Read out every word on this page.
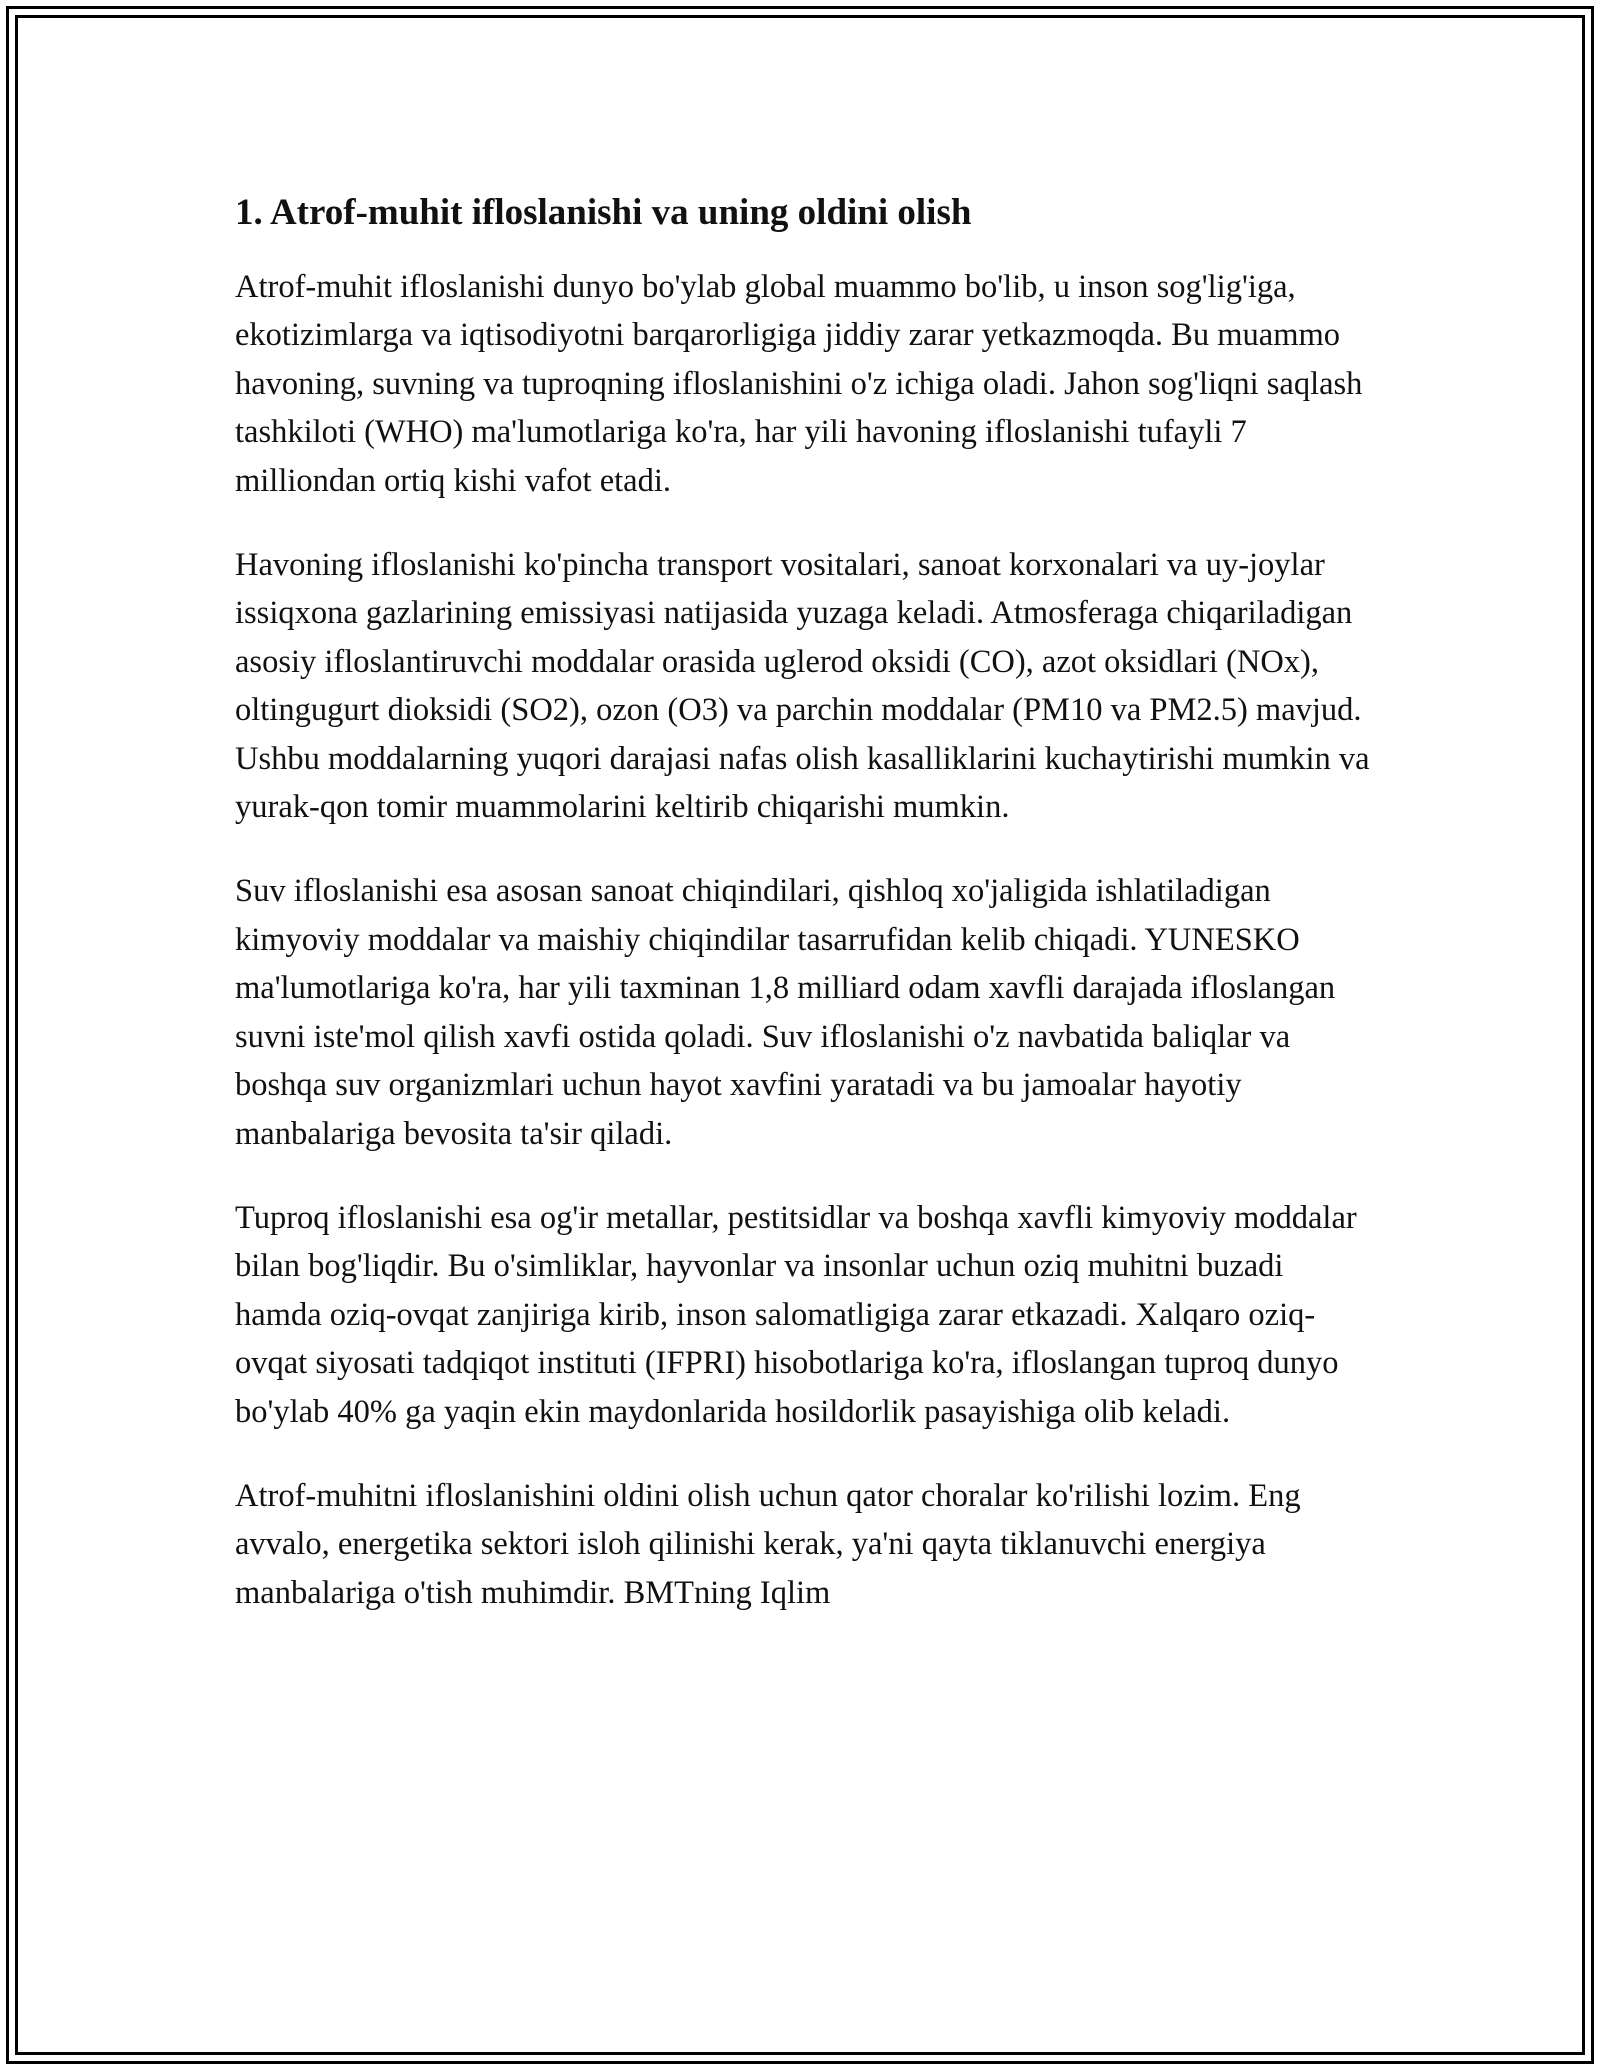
1. Atrof-muhit ifloslanishi va uning oldini olish

Atrof-muhit ifloslanishi dunyo bo'ylab global muammo bo'lib, u inson sog'lig'iga, ekotizimlarga va iqtisodiyotni barqarorligiga jiddiy zarar yetkazmoqda. Bu muammo havoning, suvning va tuproqning ifloslanishini o'z ichiga oladi. Jahon sog'liqni saqlash tashkiloti (WHO) ma'lumotlariga ko'ra, har yili havoning ifloslanishi tufayli 7 milliondan ortiq kishi vafot etadi.

Havoning ifloslanishi ko'pincha transport vositalari, sanoat korxonalari va uy-joylar issiqxona gazlarining emissiyasi natijasida yuzaga keladi. Atmosferaga chiqariladigan asosiy ifloslantiruvchi moddalar orasida uglerod oksidi (CO), azot oksidlari (NOx), oltingugurt dioksidi (SO2), ozon (O3) va parchin moddalar (PM10 va PM2.5) mavjud. Ushbu moddalarning yuqori darajasi nafas olish kasalliklarini kuchaytirishi mumkin va yurak-qon tomir muammolarini keltirib chiqarishi mumkin.

Suv ifloslanishi esa asosan sanoat chiqindilari, qishloq xo'jaligida ishlatiladigan kimyoviy moddalar va maishiy chiqindilar tasarrufidan kelib chiqadi. YUNESKO ma'lumotlariga ko'ra, har yili taxminan 1,8 milliard odam xavfli darajada ifloslangan suvni iste'mol qilish xavfi ostida qoladi. Suv ifloslanishi o'z navbatida baliqlar va boshqa suv organizmlari uchun hayot xavfini yaratadi va bu jamoalar hayotiy manbalariga bevosita ta'sir qiladi.

Tuproq ifloslanishi esa og'ir metallar, pestitsidlar va boshqa xavfli kimyoviy moddalar bilan bog'liqdir. Bu o'simliklar, hayvonlar va insonlar uchun oziq muhitni buzadi hamda oziq-ovqat zanjiriga kirib, inson salomatligiga zarar etkazadi. Xalqaro oziq-ovqat siyosati tadqiqot instituti (IFPRI) hisobotlariga ko'ra, ifloslangan tuproq dunyo bo'ylab 40% ga yaqin ekin maydonlarida hosildorlik pasayishiga olib keladi.

Atrof-muhitni ifloslanishini oldini olish uchun qator choralar ko'rilishi lozim. Eng avvalo, energetika sektori isloh qilinishi kerak, ya'ni qayta tiklanuvchi energiya manbalariga o'tish muhimdir. BMTning Iqlim
